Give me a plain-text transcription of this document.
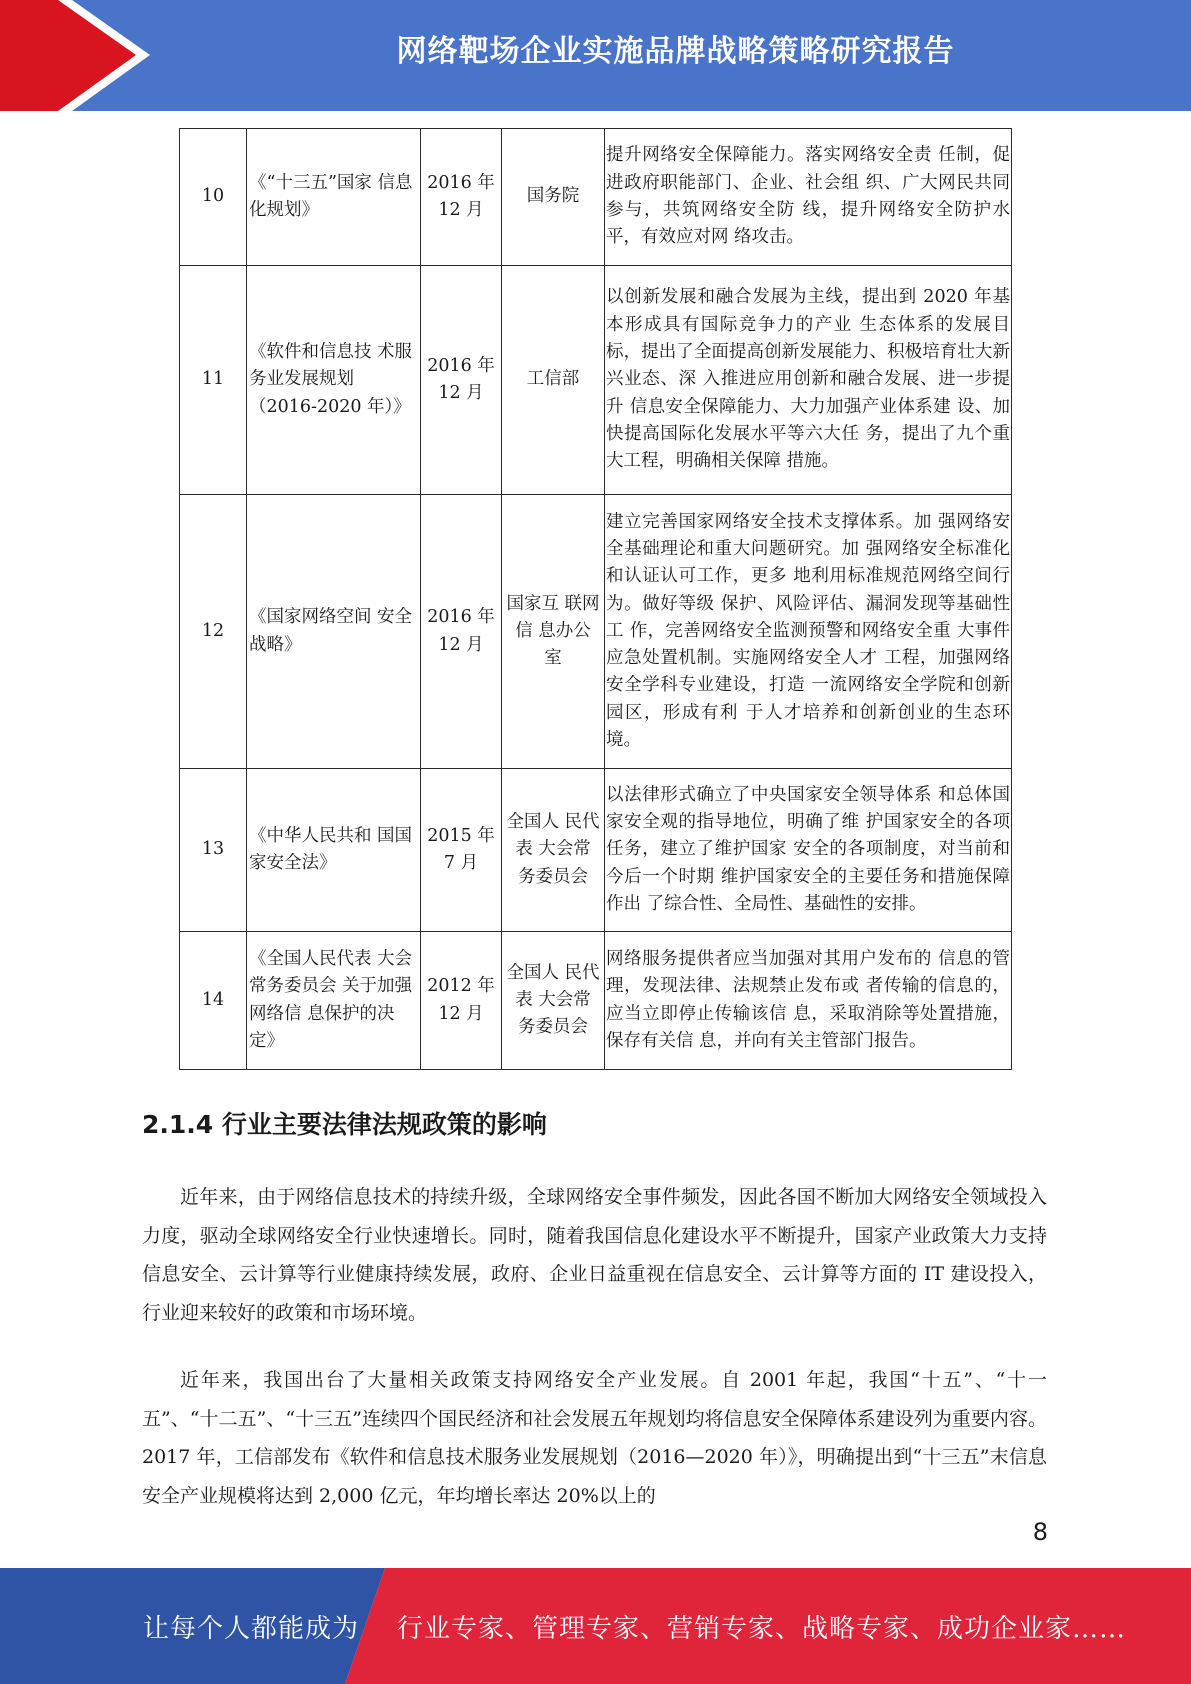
网络靶场企业实施品牌战略策略研究报告
10	《“十三五”国家 信息化规划》	2016 年 12 月	国务院	提升网络安全保障能力。落实网络安全责 任制，促进政府职能部门、企业、社会组 织、广大网民共同参与，共筑网络安全防 线，提升网络安全防护水平，有效应对网 络攻击。
11	《软件和信息技 术服务业发展规划（2016-2020 年）》	2016 年 12 月	工信部	以创新发展和融合发展为主线，提出到 2020 年基本形成具有国际竞争力的产业 生态体系的发展目标，提出了全面提高创新发展能力、积极培育壮大新兴业态、深 入推进应用创新和融合发展、进一步提升 信息安全保障能力、大力加强产业体系建 设、加快提高国际化发展水平等六大任 务，提出了九个重大工程，明确相关保障 措施。
12	《国家网络空间 安全战略》	2016 年 12 月	国家互 联网信 息办公 室	建立完善国家网络安全技术支撑体系。加 强网络安全基础理论和重大问题研究。加 强网络安全标准化和认证认可工作，更多 地利用标准规范网络空间行为。做好等级 保护、风险评估、漏洞发现等基础性工 作，完善网络安全监测预警和网络安全重 大事件应急处置机制。实施网络安全人才 工程，加强网络安全学科专业建设，打造 一流网络安全学院和创新园区，形成有利 于人才培养和创新创业的生态环境。
13	《中华人民共和 国国家安全法》	2015 年 7 月	全国人 民代表 大会常 务委员会	以法律形式确立了中央国家安全领导体系 和总体国家安全观的指导地位，明确了维 护国家安全的各项任务，建立了维护国家 安全的各项制度，对当前和今后一个时期 维护国家安全的主要任务和措施保障作出 了综合性、全局性、基础性的安排。
14	《全国人民代表 大会常务委员会 关于加强网络信 息保护的决定》	2012 年 12 月	全国人 民代表 大会常 务委员会	网络服务提供者应当加强对其用户发布的 信息的管理，发现法律、法规禁止发布或 者传输的信息的，应当立即停止传输该信 息，采取消除等处置措施，保存有关信 息，并向有关主管部门报告。
2.1.4 行业主要法律法规政策的影响
近年来，由于网络信息技术的持续升级，全球网络安全事件频发，因此各国不断加大网络安全领域投入力度，驱动全球网络安全行业快速增长。同时，随着我国信息化建设水平不断提升，国家产业政策大力支持信息安全、云计算等行业健康持续发展，政府、企业日益重视在信息安全、云计算等方面的 IT 建设投入，行业迎来较好的政策和市场环境。
近年来，我国出台了大量相关政策支持网络安全产业发展。自 2001 年起，我国“十五”、“十一五”、“十二五”、“十三五”连续四个国民经济和社会发展五年规划均将信息安全保障体系建设列为重要内容。2017 年，工信部发布《软件和信息技术服务业发展规划（2016—2020 年）》，明确提出到“十三五”末信息安全产业规模将达到 2,000 亿元，年均增长率达 20%以上的
8
让每个人都能成为 行业专家、管理专家、营销专家、战略专家、成功企业家……
